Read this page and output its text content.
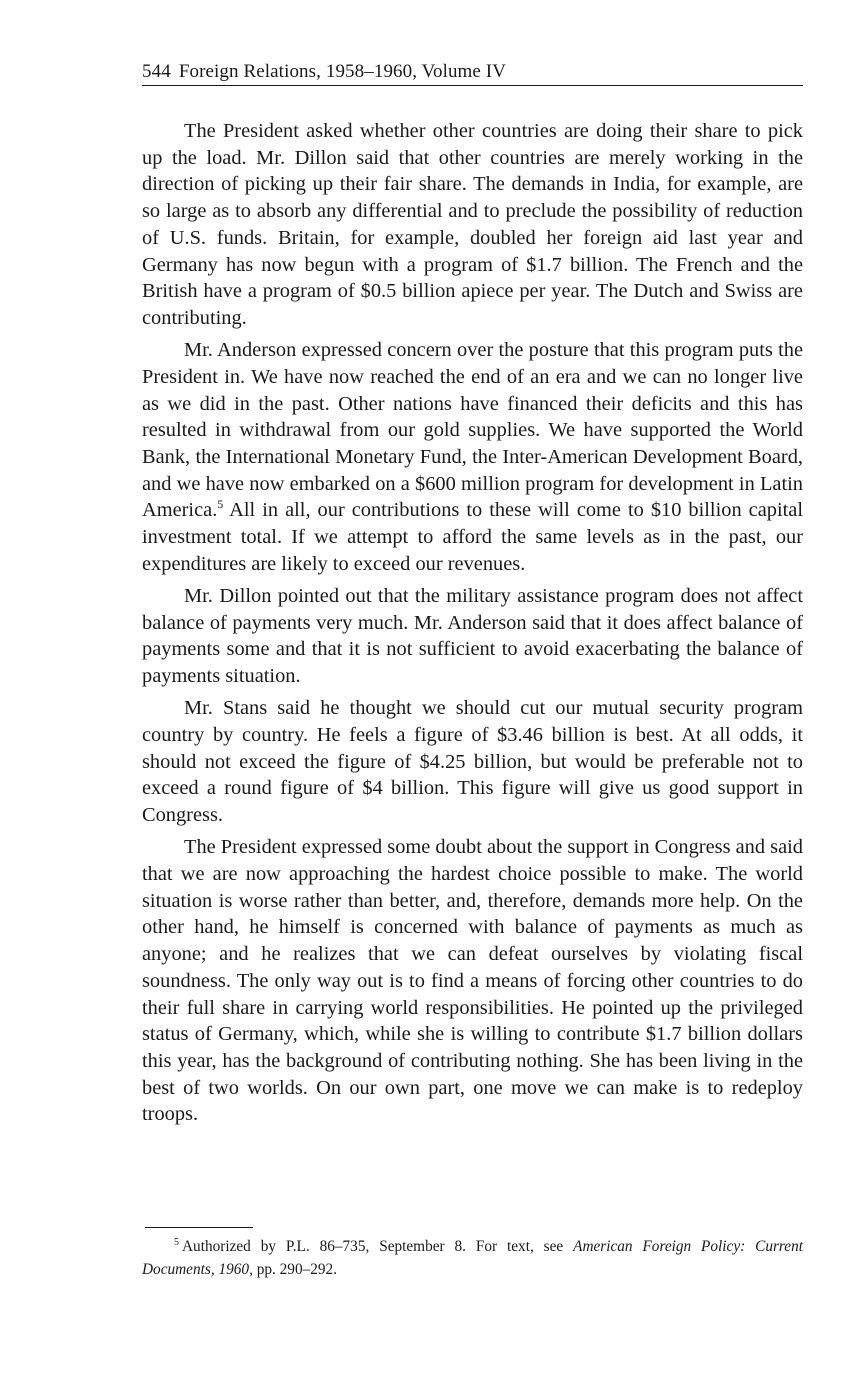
544 Foreign Relations, 1958–1960, Volume IV

The President asked whether other countries are doing their share to pick up the load. Mr. Dillon said that other countries are merely working in the direction of picking up their fair share. The demands in India, for example, are so large as to absorb any differential and to preclude the possibility of reduction of U.S. funds. Britain, for example, doubled her foreign aid last year and Germany has now begun with a program of $1.7 billion. The French and the British have a program of $0.5 billion apiece per year. The Dutch and Swiss are contributing.

Mr. Anderson expressed concern over the posture that this program puts the President in. We have now reached the end of an era and we can no longer live as we did in the past. Other nations have financed their deficits and this has resulted in withdrawal from our gold supplies. We have supported the World Bank, the International Monetary Fund, the Inter-American Development Board, and we have now embarked on a $600 million program for development in Latin America.$^5$ All in all, our contributions to these will come to $10 billion capital investment total. If we attempt to afford the same levels as in the past, our expenditures are likely to exceed our revenues.

Mr. Dillon pointed out that the military assistance program does not affect balance of payments very much. Mr. Anderson said that it does affect balance of payments some and that it is not sufficient to avoid exacerbating the balance of payments situation.

Mr. Stans said he thought we should cut our mutual security program country by country. He feels a figure of $3.46 billion is best. At all odds, it should not exceed the figure of $4.25 billion, but would be preferable not to exceed a round figure of $4 billion. This figure will give us good support in Congress.

The President expressed some doubt about the support in Congress and said that we are now approaching the hardest choice possible to make. The world situation is worse rather than better, and, therefore, demands more help. On the other hand, he himself is concerned with balance of payments as much as anyone; and he realizes that we can defeat ourselves by violating fiscal soundness. The only way out is to find a means of forcing other countries to do their full share in carrying world responsibilities. He pointed up the privileged status of Germany, which, while she is willing to contribute $1.7 billion dollars this year, has the background of contributing nothing. She has been living in the best of two worlds. On our own part, one move we can make is to redeploy troops.

$^5$ Authorized by P.L. 86–735, September 8. For text, see American Foreign Policy: Current Documents, 1960, pp. 290–292.
